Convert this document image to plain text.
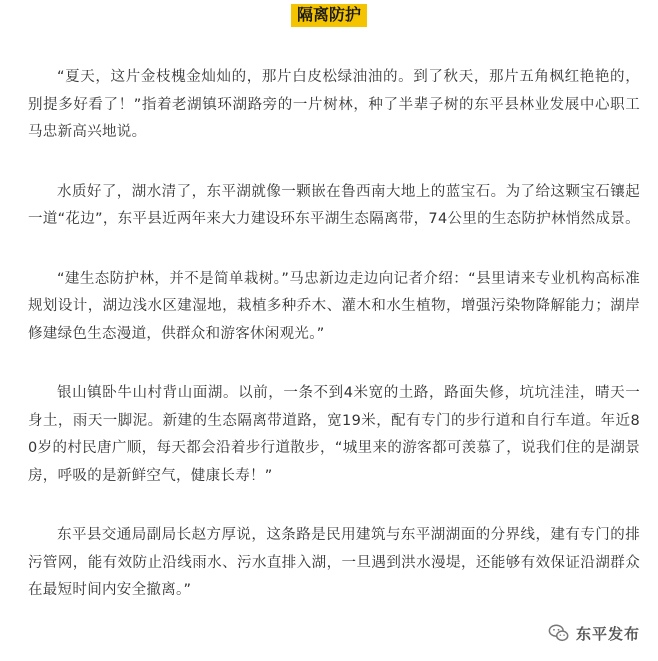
隔离防护

“夏天，这片金枝槐金灿灿的，那片白皮松绿油油的。到了秋天，那片五角枫红艳艳的，别提多好看了！”指着老湖镇环湖路旁的一片树林，种了半辈子树的东平县林业发展中心职工马忠新高兴地说。

水质好了，湖水清了，东平湖就像一颗嵌在鲁西南大地上的蓝宝石。为了给这颗宝石镶起一道“花边”，东平县近两年来大力建设环东平湖生态隔离带，74公里的生态防护林悄然成景。

“建生态防护林，并不是简单栽树。”马忠新边走边向记者介绍：“县里请来专业机构高标准规划设计，湖边浅水区建湿地，栽植多种乔木、灌木和水生植物，增强污染物降解能力；湖岸修建绿色生态漫道，供群众和游客休闲观光。”

银山镇卧牛山村背山面湖。以前，一条不到4米宽的土路，路面失修，坑坑洼洼，晴天一身土，雨天一脚泥。新建的生态隔离带道路，宽19米，配有专门的步行道和自行车道。年近80岁的村民唐广顺，每天都会沿着步行道散步，“城里来的游客都可羡慕了，说我们住的是湖景房，呼吸的是新鲜空气，健康长寿！”

东平县交通局副局长赵方厚说，这条路是民用建筑与东平湖湖面的分界线，建有专门的排污管网，能有效防止沿线雨水、污水直排入湖，一旦遇到洪水漫堤，还能够有效保证沿湖群众在最短时间内安全撤离。”

东平发布
